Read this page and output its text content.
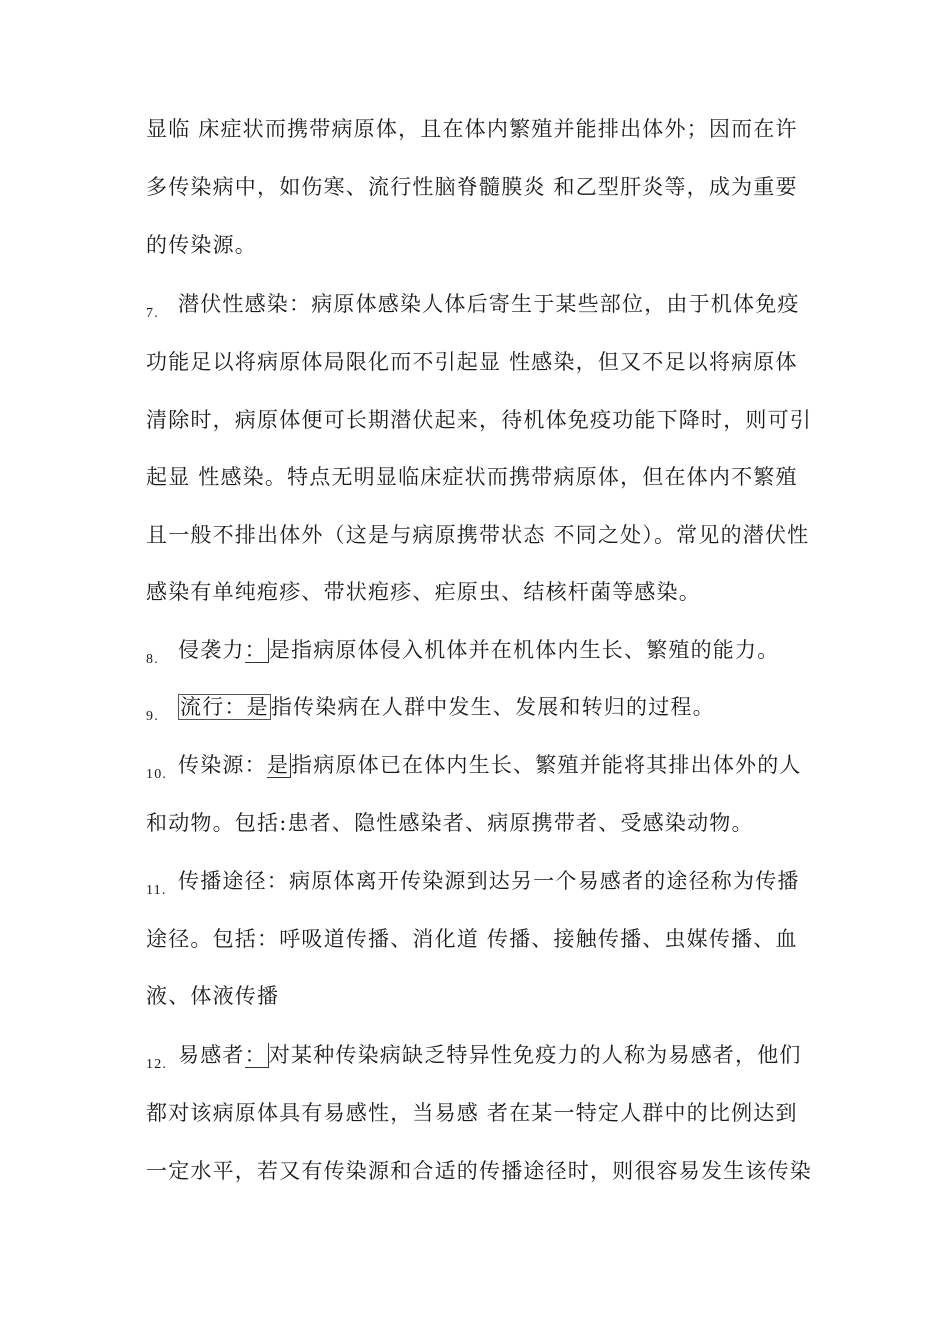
显临 床症状而携带病原体，且在体内繁殖并能排出体外；因而在许
多传染病中，如伤寒、流行性脑脊髓膜炎 和乙型肝炎等，成为重要
的传染源。
7. 潜伏性感染：病原体感染人体后寄生于某些部位，由于机体免疫
功能足以将病原体局限化而不引起显 性感染，但又不足以将病原体
清除时，病原体便可长期潜伏起来，待机体免疫功能下降时，则可引
起显 性感染。特点无明显临床症状而携带病原体，但在体内不繁殖
且一般不排出体外（这是与病原携带状态 不同之处）。常见的潜伏性
感染有单纯疱疹、带状疱疹、疟原虫、结核杆菌等感染。
8. 侵袭力：是指病原体侵入机体并在机体内生长、繁殖的能力。
9. 流行：是指传染病在人群中发生、发展和转归的过程。
10. 传染源：是指病原体已在体内生长、繁殖并能将其排出体外的人
和动物。包括:患者、隐性感染者、病原携带者、受感染动物。
11. 传播途径：病原体离开传染源到达另一个易感者的途径称为传播
途径。包括：呼吸道传播、消化道 传播、接触传播、虫媒传播、血
液、体液传播
12. 易感者：对某种传染病缺乏特异性免疫力的人称为易感者，他们
都对该病原体具有易感性，当易感 者在某一特定人群中的比例达到
一定水平，若又有传染源和合适的传播途径时，则很容易发生该传染
